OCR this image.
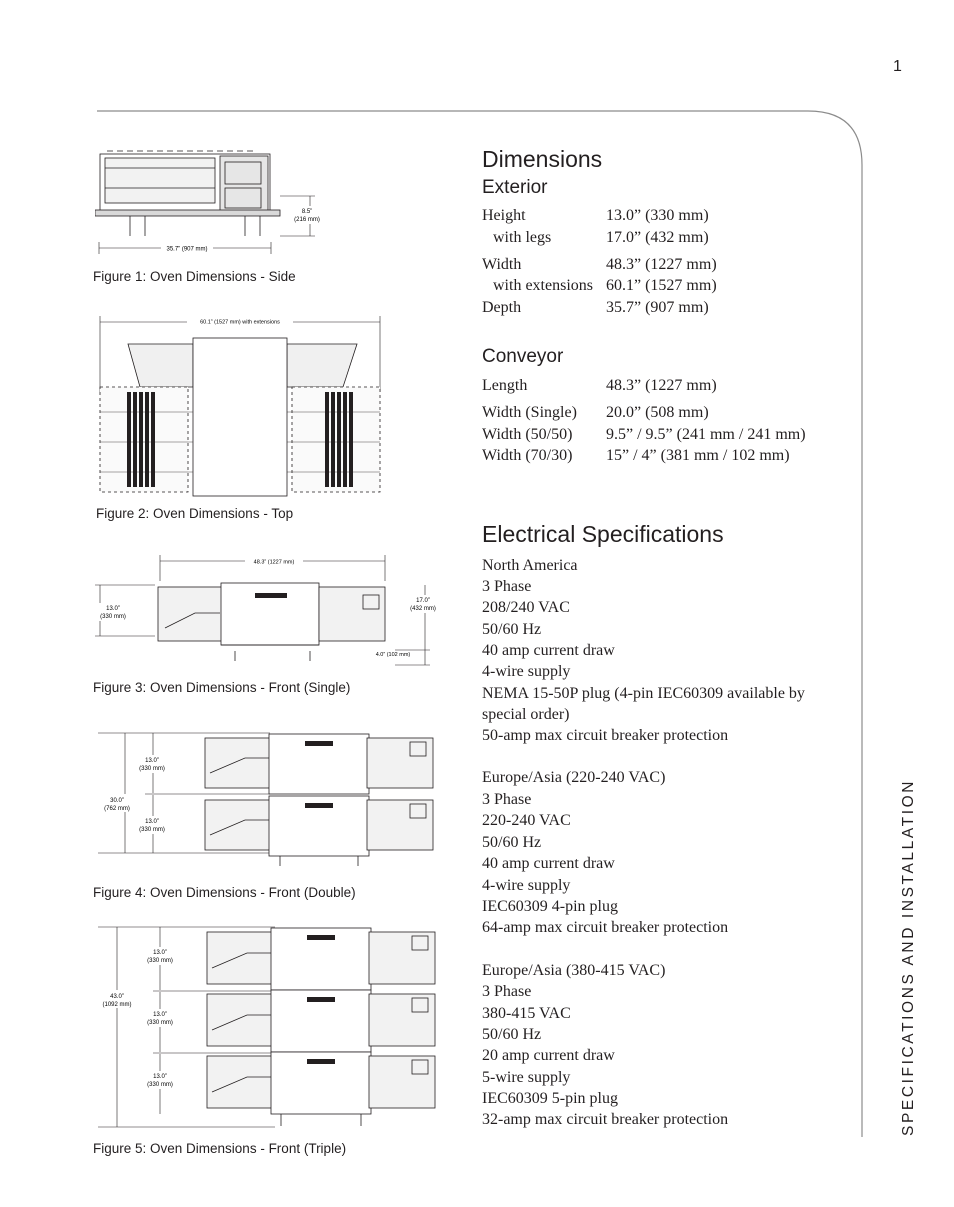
1
SPECIFICATIONS AND INSTALLATION
35.7” (907 mm)
8.5”
(216 mm)
Figure 1: Oven Dimensions - Side
60.1” (1527 mm) with extensions
Figure 2: Oven Dimensions - Top
48.3” (1227 mm)
13.0”
(330 mm)
17.0”
(432 mm)
4.0” (102 mm)
Figure 3: Oven Dimensions - Front (Single)
30.0”
(762 mm)
13.0”
(330 mm)
13.0”
(330 mm)
Figure 4: Oven Dimensions - Front (Double)
43.0”
(1092 mm)
13.0”
(330 mm)
13.0”
(330 mm)
13.0”
(330 mm)
Figure 5: Oven Dimensions - Front (Triple)
Dimensions
Exterior
Height	13.0” (330 mm)
with legs	17.0” (432 mm)
Width	48.3” (1227 mm)
with extensions 60.1” (1527 mm)
Depth	35.7” (907 mm)
Conveyor
Length	48.3” (1227 mm)
Width (Single) 20.0” (508 mm)
Width (50/50) 9.5” / 9.5” (241 mm / 241 mm)
Width (70/30) 15” / 4” (381 mm / 102 mm)
Electrical Specifications
North America
3 Phase
208/240 VAC
50/60 Hz
40 amp current draw
4-wire supply
NEMA 15-50P plug (4-pin IEC60309 available by
special order)
50-amp max circuit breaker protection
Europe/Asia (220-240 VAC)
3 Phase
220-240 VAC
50/60 Hz
40 amp current draw
4-wire supply
IEC60309 4-pin plug
64-amp max circuit breaker protection
Europe/Asia (380-415 VAC)
3 Phase
380-415 VAC
50/60 Hz
20 amp current draw
5-wire supply
IEC60309 5-pin plug
32-amp max circuit breaker protection
